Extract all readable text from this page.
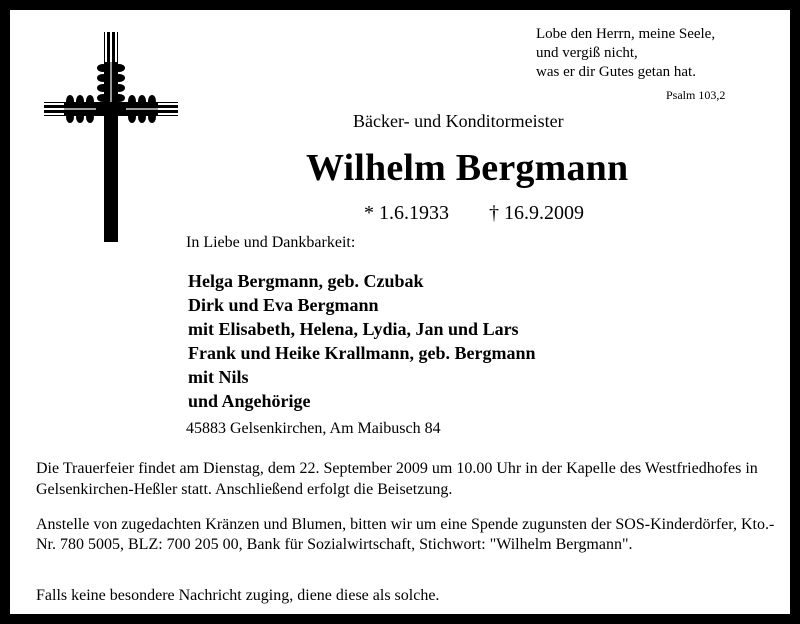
Lobe den Herrn, meine Seele,
und vergiß nicht,
was er dir Gutes getan hat.
Psalm 103,2
Bäcker- und Konditormeister
Wilhelm Bergmann
* 1.6.1933 † 16.9.2009
In Liebe und Dankbarkeit:
Helga Bergmann, geb. Czubak
Dirk und Eva Bergmann
mit Elisabeth, Helena, Lydia, Jan und Lars
Frank und Heike Krallmann, geb. Bergmann
mit Nils
und Angehörige
45883 Gelsenkirchen, Am Maibusch 84
Die Trauerfeier findet am Dienstag, dem 22. September 2009 um 10.00 Uhr in der Kapelle des Westfriedhofes in Gelsenkirchen-Heßler statt. Anschließend erfolgt die Beisetzung.
Anstelle von zugedachten Kränzen und Blumen, bitten wir um eine Spende zugunsten der SOS-Kinderdörfer, Kto.-Nr. 780 5005, BLZ: 700 205 00, Bank für Sozialwirtschaft, Stichwort: "Wilhelm Bergmann".
Falls keine besondere Nachricht zuging, diene diese als solche.
